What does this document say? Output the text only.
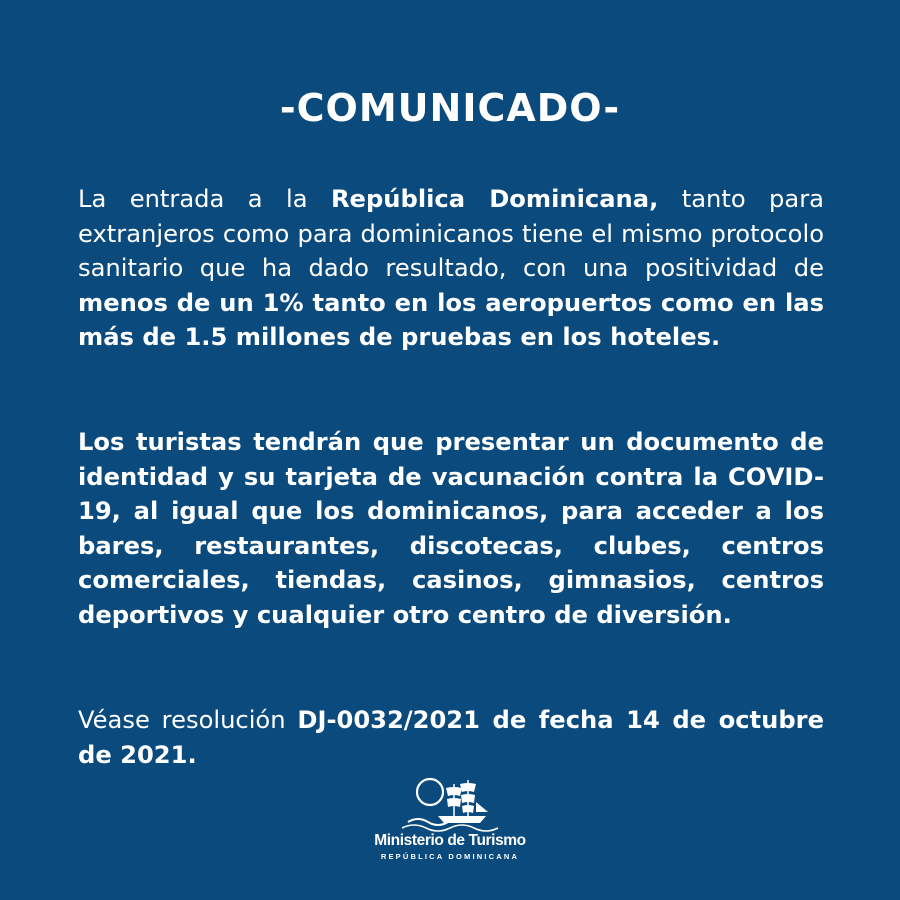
-COMUNICADO-

La entrada a la República Dominicana, tanto para extranjeros como para dominicanos tiene el mismo protocolo sanitario que ha dado resultado, con una positividad de menos de un 1% tanto en los aeropuertos como en las más de 1.5 millones de pruebas en los hoteles.

Los turistas tendrán que presentar un documento de identidad y su tarjeta de vacunación contra la COVID-19, al igual que los dominicanos, para acceder a los bares, restaurantes, discotecas, clubes, centros comerciales, tiendas, casinos, gimnasios, centros deportivos y cualquier otro centro de diversión.

Véase resolución DJ-0032/2021 de fecha 14 de octubre de 2021.

Ministerio de Turismo
REPÚBLICA DOMINICANA
